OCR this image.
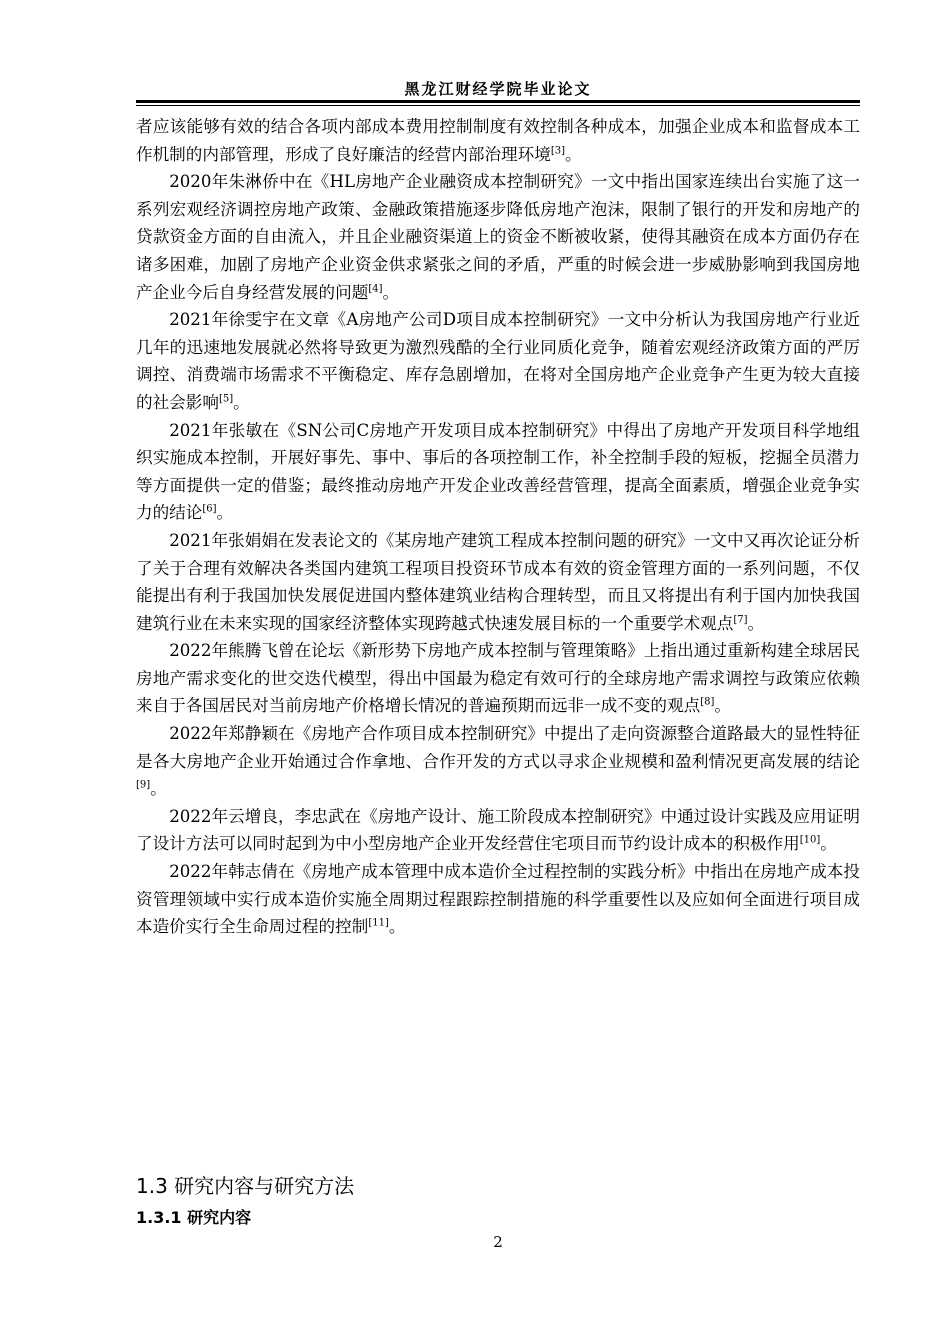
黑龙江财经学院毕业论文

者应该能够有效的结合各项内部成本费用控制制度有效控制各种成本，加强企业成本和监督成本工作机制的内部管理，形成了良好廉洁的经营内部治理环境[3]。

2020年朱淋侨中在《HL房地产企业融资成本控制研究》一文中指出国家连续出台实施了这一系列宏观经济调控房地产政策、金融政策措施逐步降低房地产泡沫，限制了银行的开发和房地产的贷款资金方面的自由流入，并且企业融资渠道上的资金不断被收紧，使得其融资在成本方面仍存在诸多困难，加剧了房地产企业资金供求紧张之间的矛盾，严重的时候会进一步威胁影响到我国房地产企业今后自身经营发展的问题[4]。

2021年徐雯宇在文章《A房地产公司D项目成本控制研究》一文中分析认为我国房地产行业近几年的迅速地发展就必然将导致更为激烈残酷的全行业同质化竞争，随着宏观经济政策方面的严厉调控、消费端市场需求不平衡稳定、库存急剧增加，在将对全国房地产企业竞争产生更为较大直接的社会影响[5]。

2021年张敏在《SN公司C房地产开发项目成本控制研究》中得出了房地产开发项目科学地组织实施成本控制，开展好事先、事中、事后的各项控制工作，补全控制手段的短板，挖掘全员潜力等方面提供一定的借鉴；最终推动房地产开发企业改善经营管理，提高全面素质，增强企业竞争实力的结论[6]。

2021年张娟娟在发表论文的《某房地产建筑工程成本控制问题的研究》一文中又再次论证分析了关于合理有效解决各类国内建筑工程项目投资环节成本有效的资金管理方面的一系列问题，不仅能提出有利于我国加快发展促进国内整体建筑业结构合理转型，而且又将提出有利于国内加快我国建筑行业在未来实现的国家经济整体实现跨越式快速发展目标的一个重要学术观点[7]。

2022年熊腾飞曾在论坛《新形势下房地产成本控制与管理策略》上指出通过重新构建全球居民房地产需求变化的世交迭代模型，得出中国最为稳定有效可行的全球房地产需求调控与政策应依赖来自于各国居民对当前房地产价格增长情况的普遍预期而远非一成不变的观点[8]。

2022年郑静颖在《房地产合作项目成本控制研究》中提出了走向资源整合道路最大的显性特征是各大房地产企业开始通过合作拿地、合作开发的方式以寻求企业规模和盈利情况更高发展的结论[9]。

2022年云增良，李忠武在《房地产设计、施工阶段成本控制研究》中通过设计实践及应用证明了设计方法可以同时起到为中小型房地产企业开发经营住宅项目而节约设计成本的积极作用[10]。

2022年韩志倩在《房地产成本管理中成本造价全过程控制的实践分析》中指出在房地产成本投资管理领域中实行成本造价实施全周期过程跟踪控制措施的科学重要性以及应如何全面进行项目成本造价实行全生命周过程的控制[11]。

1.3 研究内容与研究方法
1.3.1 研究内容
2
